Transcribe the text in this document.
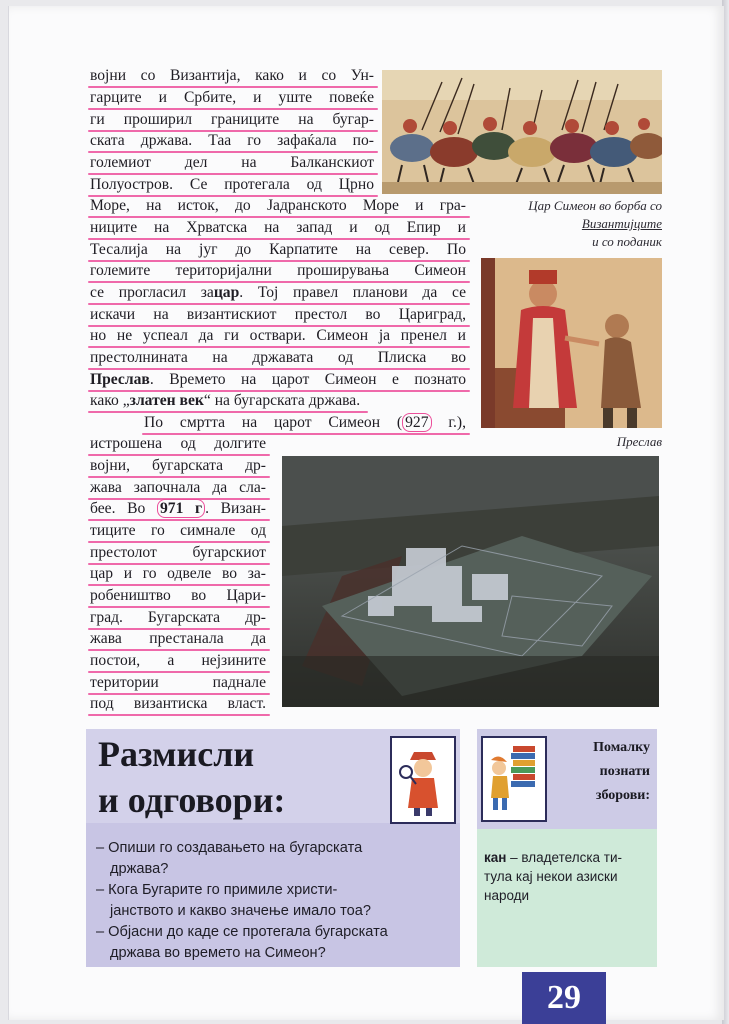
Цар Симеон во борба со
Византијците
и со поданик
Преслав
војни со Византија, како и со Ун-
гарците и Србите, и уште повеќе
ги проширил границите на бугар-
ската држава. Таа го зафаќала по-
големиот дел на Балканскиот
Полуостров. Се протегала од Црно
Море, на исток, до Јадранското Море и гра-
ниците на Хрватска на запад и од Епир и
Тесалија на југ до Карпатите на север. По
големите територијални проширувања Симеон
се прогласил зацар. Тој правел планови да се
искачи на византискиот престол во Цариград,
но не успеал да ги оствари. Симеон ја пренел и
престолнината на државата од Плиска во
Преслав. Времето на царот Симеон е познато
како „златен век“ на бугарската држава.
По смртта на царот Симеон ( 927 г.),
истрошена од долгите
војни, бугарската др-
жава започнала да сла-
бее. Во 971 г . Визан-
тиците го симнале од
престолот бугарскиот
цар и го одвеле во за-
робеништво во Цари-
град. Бугарската др-
жава престанала да
постои, а нејзините
територии паднале
под византиска власт.
Размисли
и одговори:
– Опиши го создавањето на бугарската
држава?
– Кога Бугарите го примиле христи-
јанството и какво значење имало тоа?
– Објасни до каде се протегала бугарската
држава во времето на Симеон?
Помалку
познати
зборови:
кан – владетелска ти-
тула кај некои азиски
народи
29
